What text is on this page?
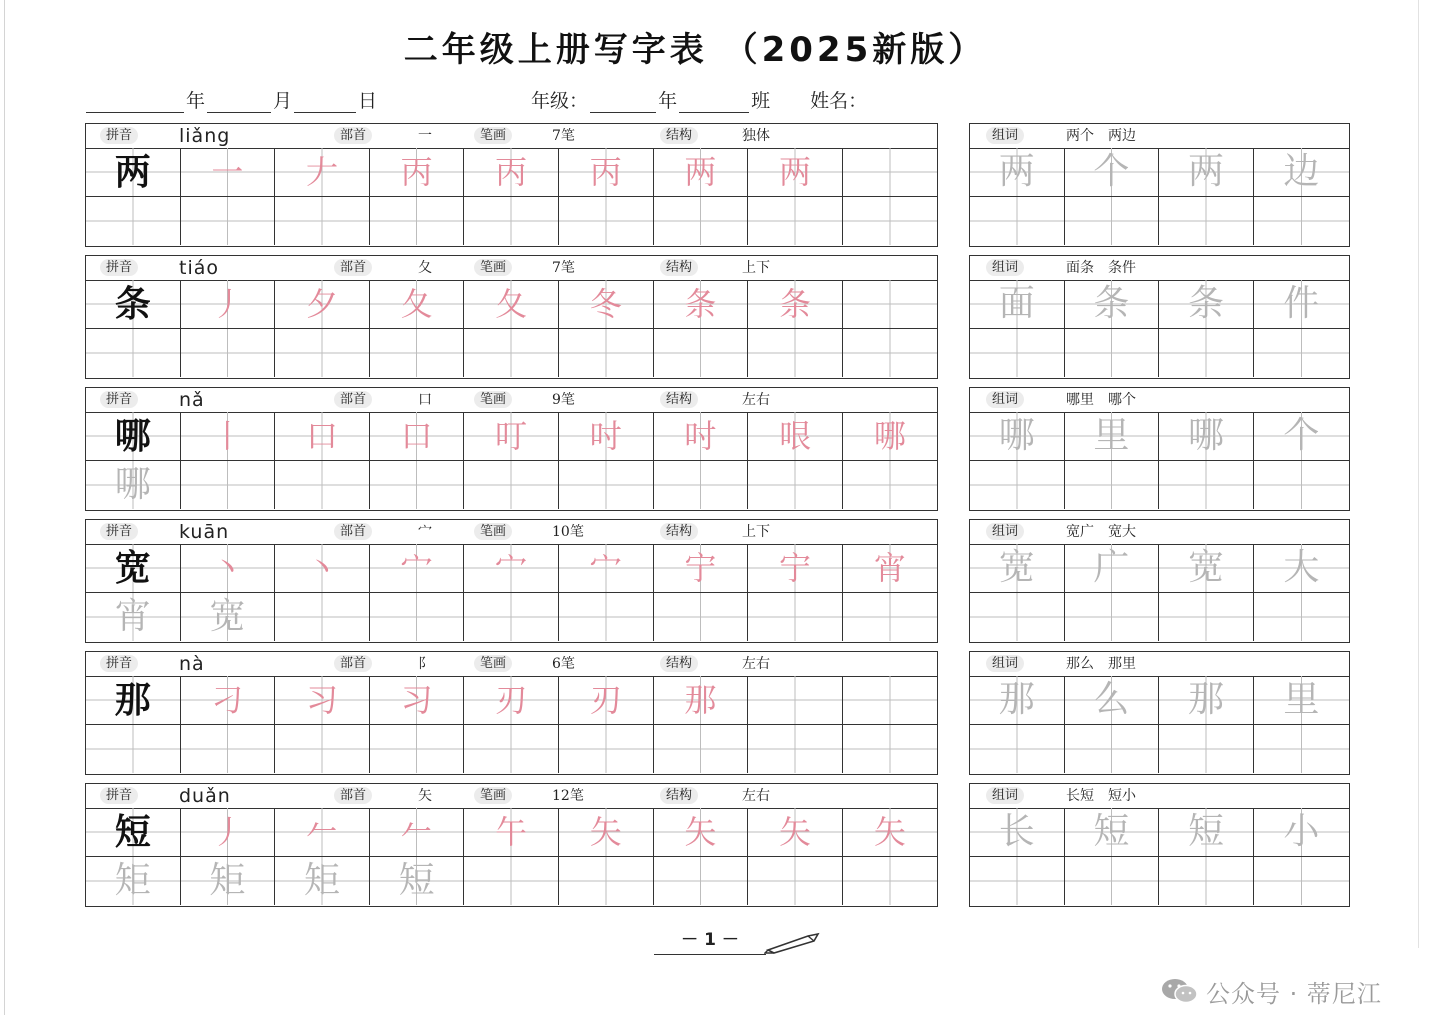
二年级上册写字表 （2025新版）
年	月	日	年级：	年	班 姓名：
拼音	liǎng	部首	一	笔画	7笔	结构	独体
两 一 𠂇 丙 丙 丙 两 两
组词	两个　两边
两 个 两 边
拼音	tiáo	部首	夂	笔画	7笔	结构	上下
条 丿 夕 夂 夂 冬 条 条
组词	面条　条件
面 条 条 件
拼音	nǎ	部首	口	笔画	9笔	结构	左右
哪 丨 口 口 叮 吋 吋 哏 哪
哪
组词	哪里　哪个
哪 里 哪 个
拼音	kuān	部首	宀	笔画	10笔	结构	上下
宽 丶 丶 宀 宀 宀 宁 宁 宵
宵 宽
组词	宽广　宽大
宽 广 宽 大
拼音	nà	部首	阝	笔画	6笔	结构	左右
那 刁 习 习 刃 刃 那
组词	那么　那里
那 么 那 里
拼音	duǎn	部首	矢	笔画	12笔	结构	左右
短 丿 𠂉 𠂉 午 矢 矢 矢 矢
矩 矩 矩 短
组词	长短　短小
长 短 短 小
－ 1 －
公众号 · 蒂尼江
